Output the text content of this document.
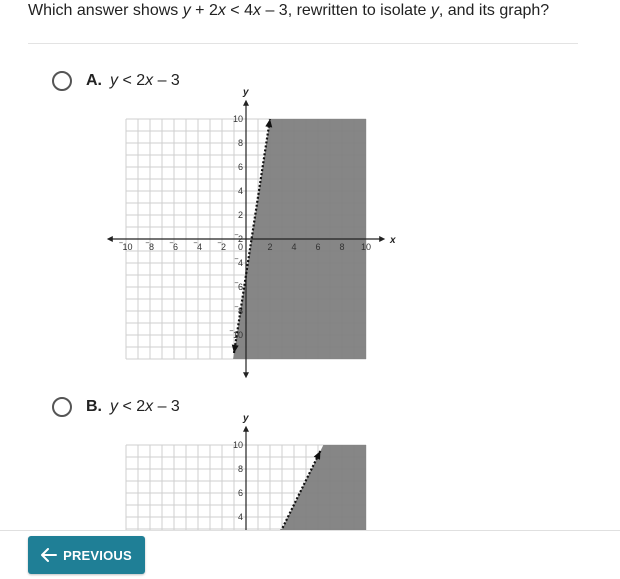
Which answer shows y + 2x < 4x – 3, rewritten to isolate y, and its graph?
A. y < 2x – 3
x
y
‾10 ‾8 ‾6 ‾4 ‾2 0	2 4 6 8 10
10
8
6
4
2
‾2
‾4
‾6
‾8
‾10
B. y < 2x – 3
y
10
8
6
4
PREVIOUS
